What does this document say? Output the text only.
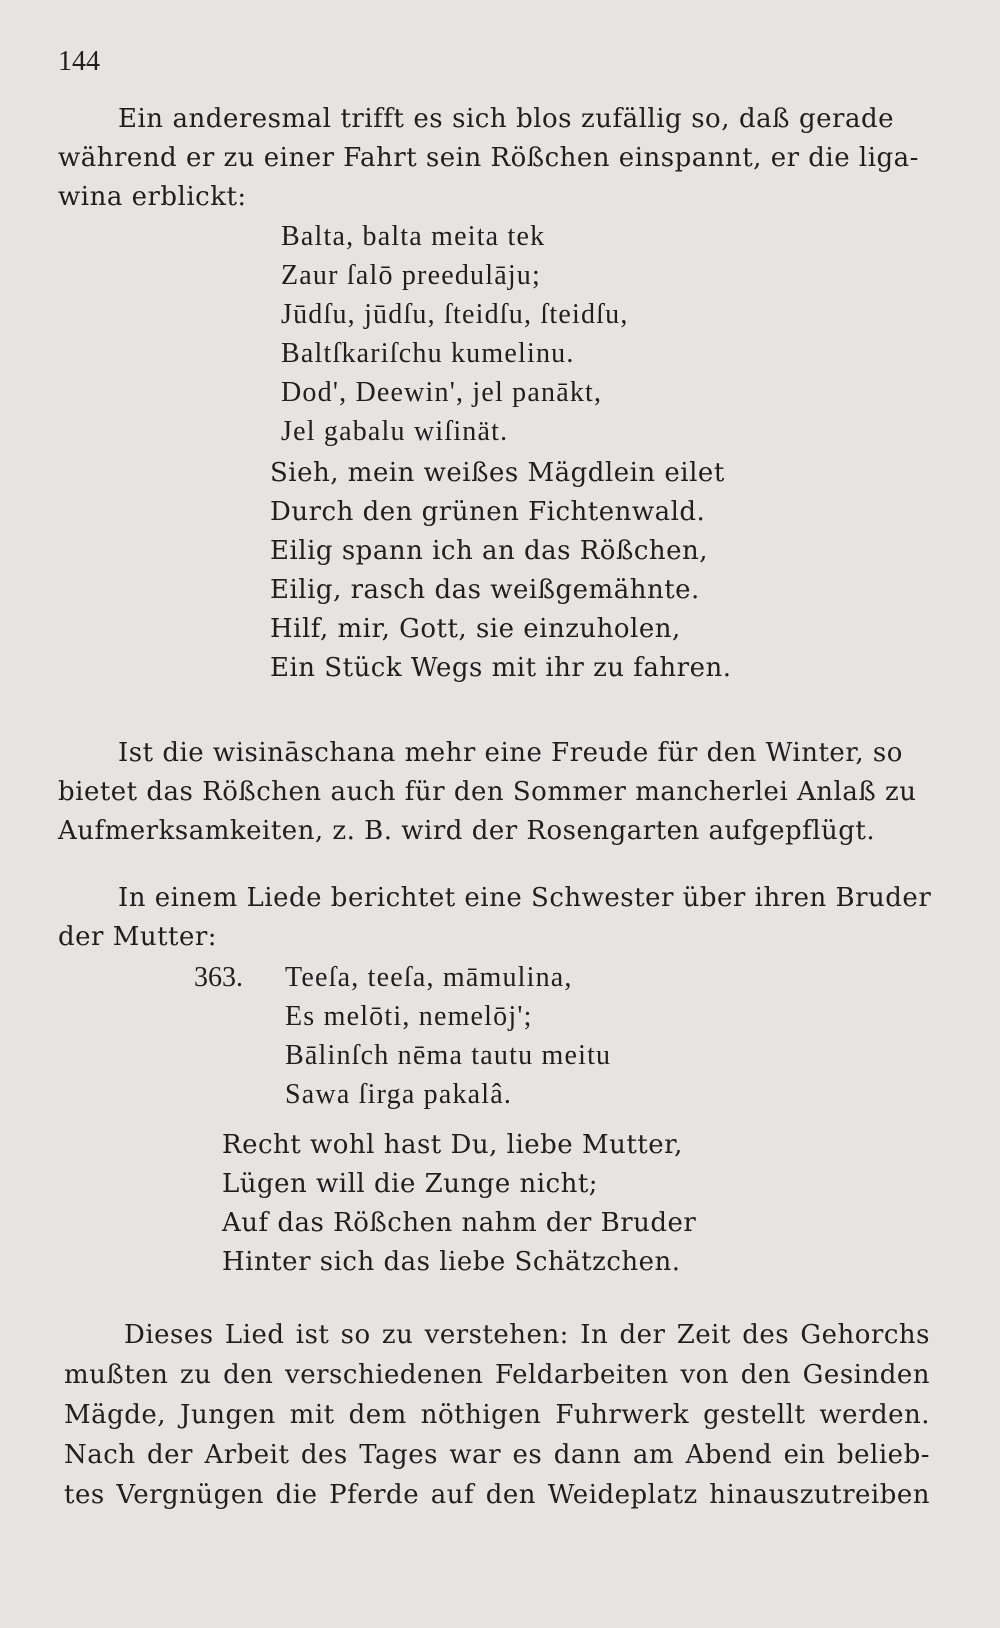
144
Ein anderesmal trifft es sich blos zufällig so, daß gerade
während er zu einer Fahrt sein Rößchen einspannt, er die liga-
wina erblickt:
Balta, balta meita tek
Zaur ſalō preedulāju;
Jūdſu, jūdſu, ſteidſu, ſteidſu,
Baltſkariſchu kumelinu.
Dod', Deewin', jel panākt,
Jel gabalu wiſinät.
Sieh, mein weißes Mägdlein eilet
Durch den grünen Fichtenwald.
Eilig spann ich an das Rößchen,
Eilig, rasch das weißgemähnte.
Hilf, mir, Gott, sie einzuholen,
Ein Stück Wegs mit ihr zu fahren.
Ist die wisināschana mehr eine Freude für den Winter, so
bietet das Rößchen auch für den Sommer mancherlei Anlaß zu
Aufmerksamkeiten, z. B. wird der Rosengarten aufgepflügt.
In einem Liede berichtet eine Schwester über ihren Bruder
der Mutter:
363. Teeſa, teeſa, māmulina,
Es melōti, nemelōj';
Bālinſch nēma tautu meitu
Sawa ſirga pakalâ.
Recht wohl hast Du, liebe Mutter,
Lügen will die Zunge nicht;
Auf das Rößchen nahm der Bruder
Hinter sich das liebe Schätzchen.
Dieses Lied ist so zu verstehen: In der Zeit des Gehorchs
mußten zu den verschiedenen Feldarbeiten von den Gesinden
Mägde, Jungen mit dem nöthigen Fuhrwerk gestellt werden.
Nach der Arbeit des Tages war es dann am Abend ein belieb-
tes Vergnügen die Pferde auf den Weideplatz hinauszutreiben
